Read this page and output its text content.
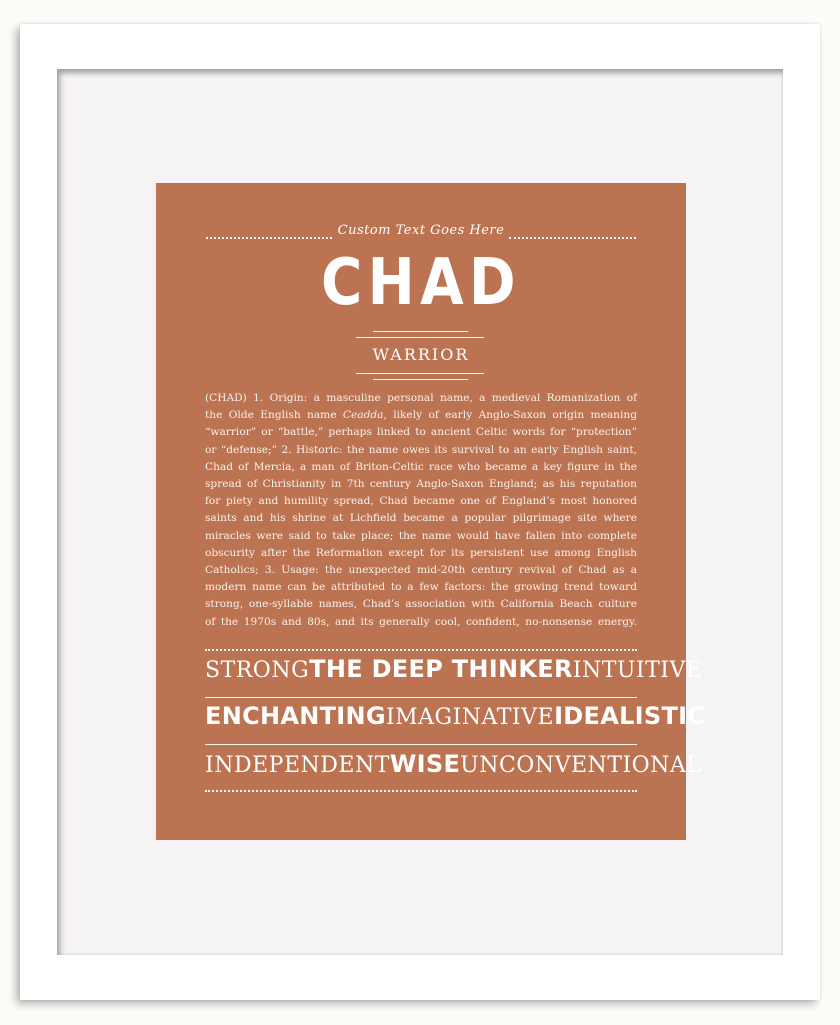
Custom Text Goes Here
CHAD
WARRIOR
(CHAD) 1. Origin: a masculine personal name, a medieval Romanization of
the Olde English name Ceadda, likely of early Anglo-Saxon origin meaning
“warrior” or “battle,” perhaps linked to ancient Celtic words for “protection”
or “defense;” 2. Historic: the name owes its survival to an early English saint,
Chad of Mercia, a man of Briton-Celtic race who became a key figure in the
spread of Christianity in 7th century Anglo-Saxon England; as his reputation
for piety and humility spread, Chad became one of England’s most honored
saints and his shrine at Lichfield became a popular pilgrimage site where
miracles were said to take place; the name would have fallen into complete
obscurity after the Reformation except for its persistent use among English
Catholics; 3. Usage: the unexpected mid-20th century revival of Chad as a
modern name can be attributed to a few factors: the growing trend toward
strong, one-syllable names, Chad’s association with California Beach culture
of the 1970s and 80s, and its generally cool, confident, no-nonsense energy.
STRONG THE DEEP THINKER INTUITIVE
ENCHANTING IMAGINATIVE IDEALISTIC
INDEPENDENT WISE UNCONVENTIONAL
